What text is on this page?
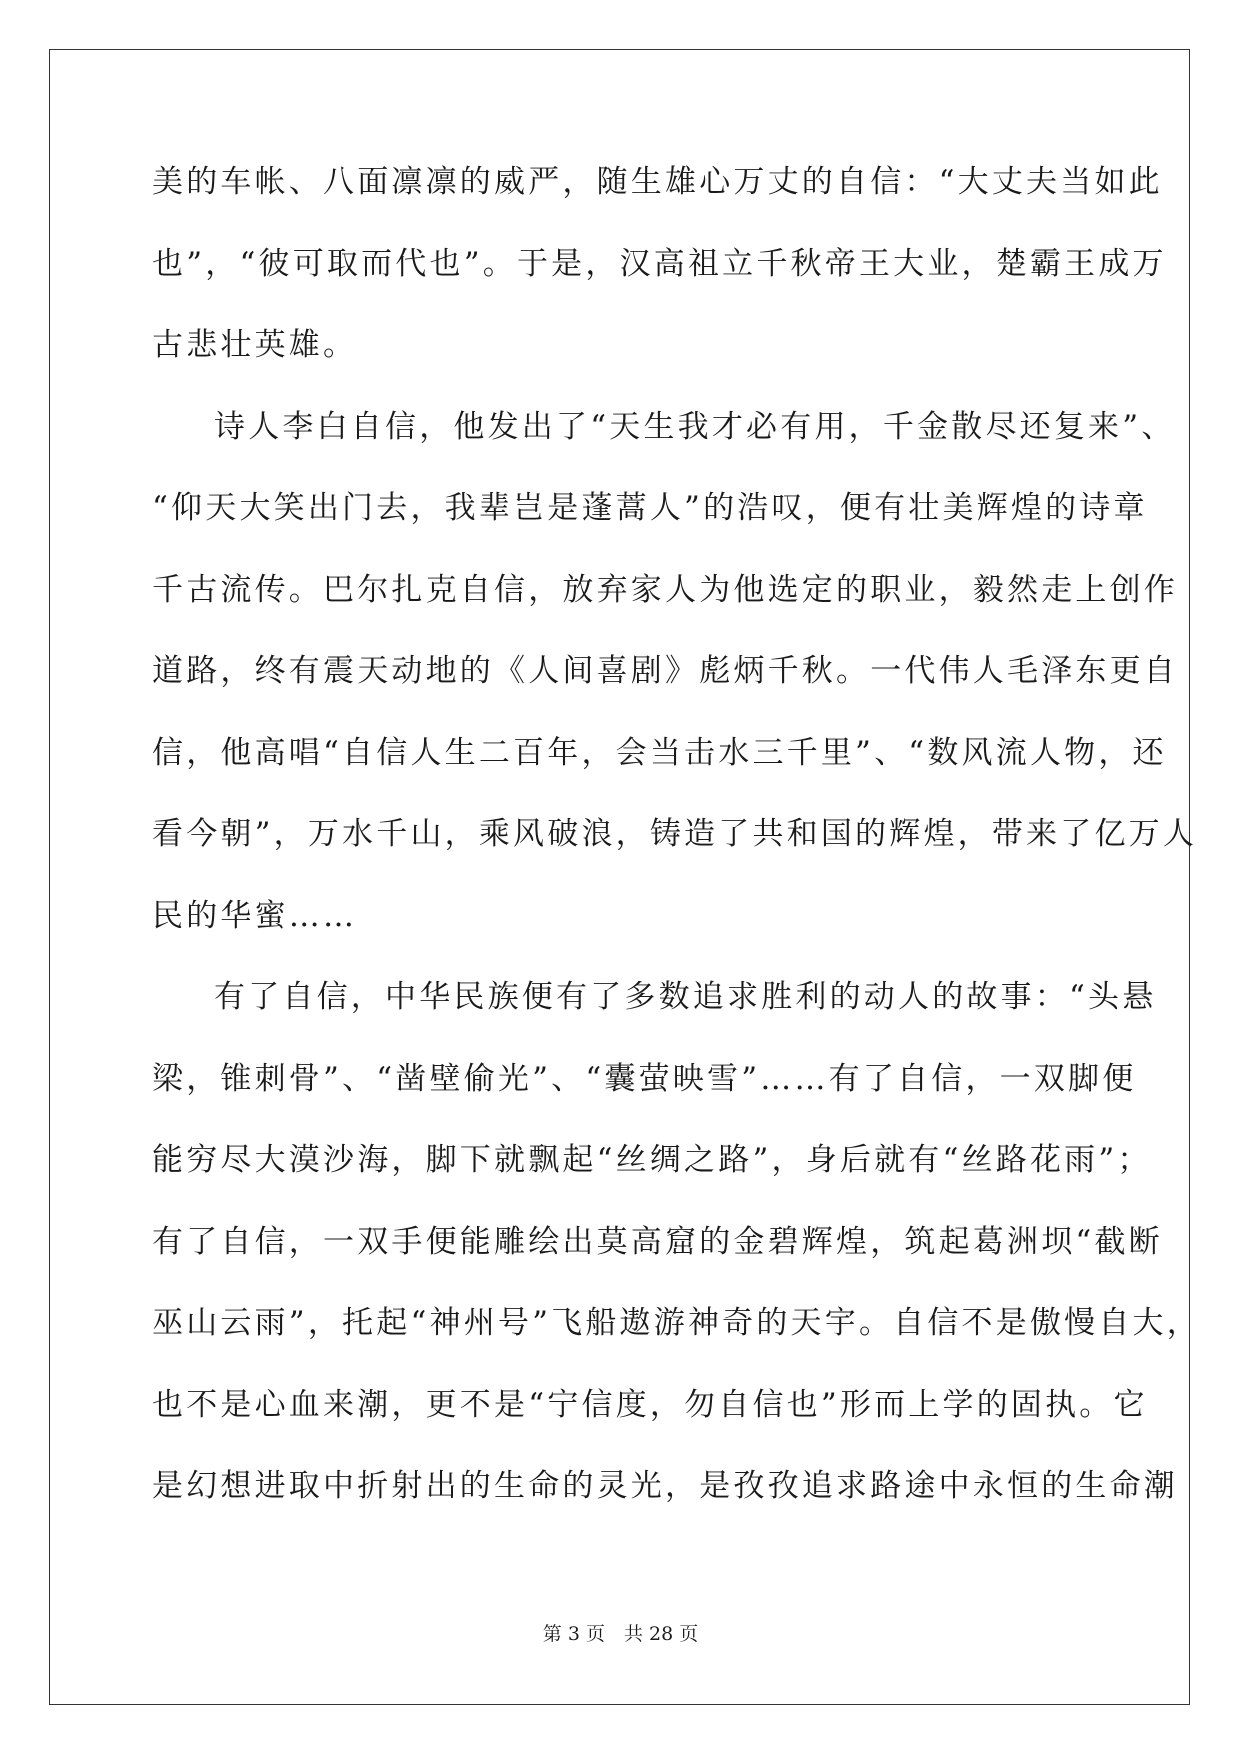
美的车帐、八面凛凛的威严，随生雄心万丈的自信：“大丈夫当如此
也”，“彼可取而代也”。于是，汉高祖立千秋帝王大业，楚霸王成万
古悲壮英雄。
诗人李白自信，他发出了“天生我才必有用，千金散尽还复来”、
“仰天大笑出门去，我辈岂是蓬蒿人”的浩叹，便有壮美辉煌的诗章
千古流传。巴尔扎克自信，放弃家人为他选定的职业，毅然走上创作
道路，终有震天动地的《人间喜剧》彪炳千秋。一代伟人毛泽东更自
信，他高唱“自信人生二百年，会当击水三千里”、“数风流人物，还
看今朝”，万水千山，乘风破浪，铸造了共和国的辉煌，带来了亿万人
民的华蜜……
有了自信，中华民族便有了多数追求胜利的动人的故事：“头悬
梁，锥刺骨”、“凿壁偷光”、“囊萤映雪”……有了自信，一双脚便
能穷尽大漠沙海，脚下就飘起“丝绸之路”，身后就有“丝路花雨”；
有了自信，一双手便能雕绘出莫高窟的金碧辉煌，筑起葛洲坝“截断
巫山云雨”，托起“神州号”飞船遨游神奇的天宇。自信不是傲慢自大，
也不是心血来潮，更不是“宁信度，勿自信也”形而上学的固执。它
是幻想进取中折射出的生命的灵光，是孜孜追求路途中永恒的生命潮
第 3 页　共 28 页
